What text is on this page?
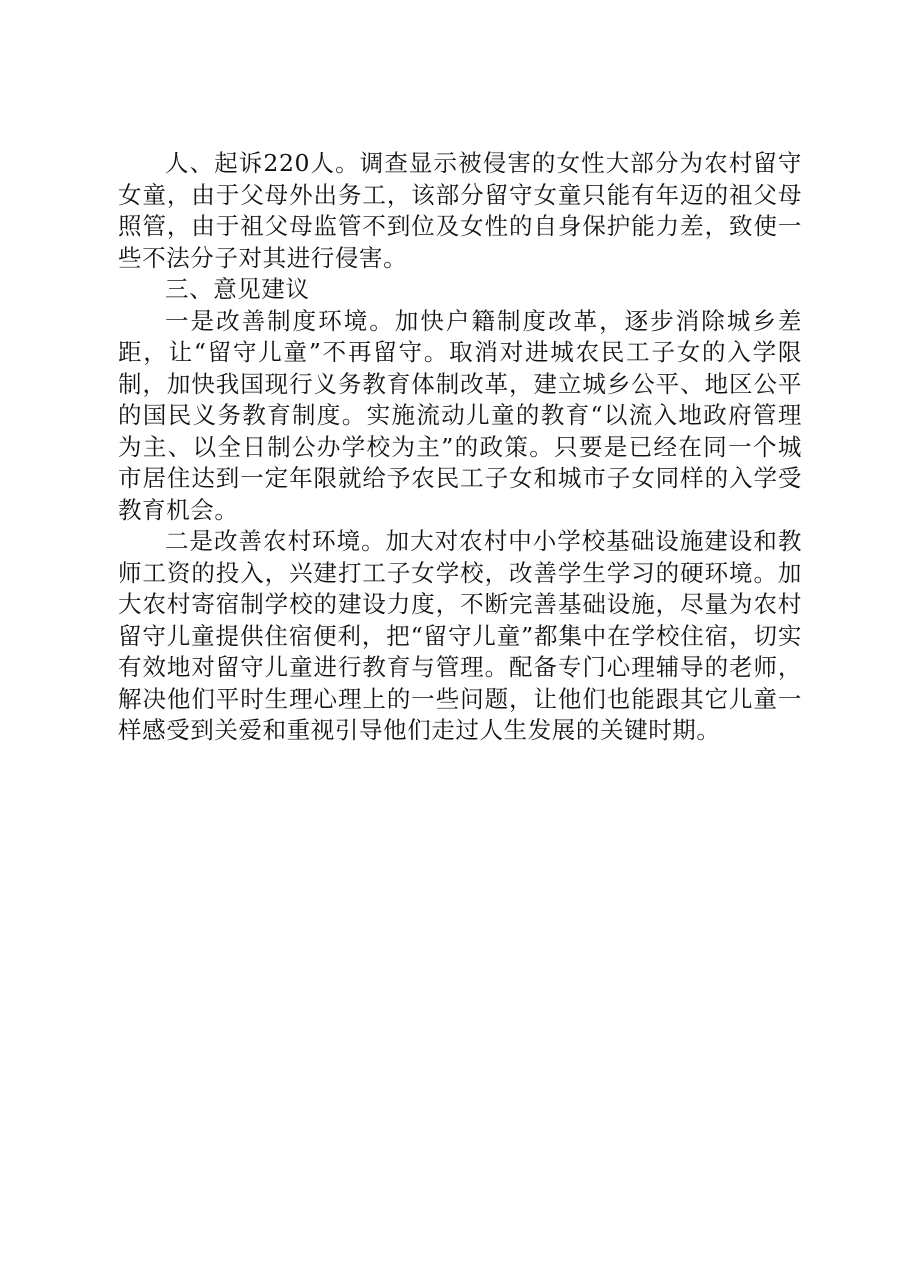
人、起诉220人。调查显示被侵害的女性大部分为农村留守女童，由于父母外出务工，该部分留守女童只能有年迈的祖父母照管，由于祖父母监管不到位及女性的自身保护能力差，致使一些不法分子对其进行侵害。

三、意见建议

一是改善制度环境。加快户籍制度改革，逐步消除城乡差距，让“留守儿童”不再留守。取消对进城农民工子女的入学限制，加快我国现行义务教育体制改革，建立城乡公平、地区公平的国民义务教育制度。实施流动儿童的教育“以流入地政府管理为主、以全日制公办学校为主”的政策。只要是已经在同一个城市居住达到一定年限就给予农民工子女和城市子女同样的入学受教育机会。

二是改善农村环境。加大对农村中小学校基础设施建设和教师工资的投入，兴建打工子女学校，改善学生学习的硬环境。加大农村寄宿制学校的建设力度，不断完善基础设施，尽量为农村留守儿童提供住宿便利，把“留守儿童”都集中在学校住宿，切实有效地对留守儿童进行教育与管理。配备专门心理辅导的老师，解决他们平时生理心理上的一些问题，让他们也能跟其它儿童一样感受到关爱和重视引导他们走过人生发展的关键时期。
